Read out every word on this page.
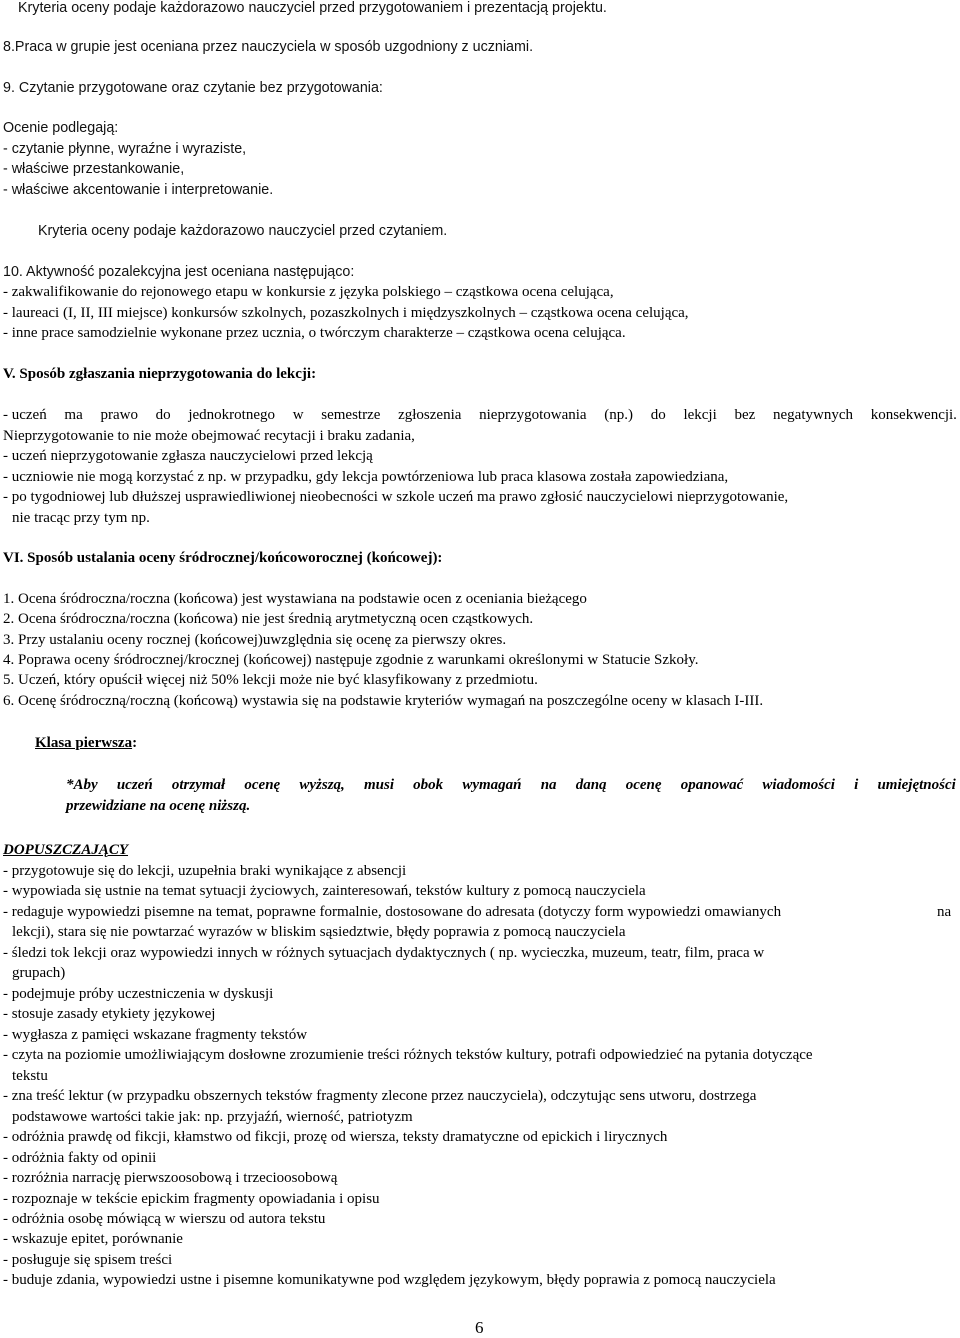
Kryteria oceny podaje każdorazowo nauczyciel przed przygotowaniem i prezentacją projektu.
8.Praca w grupie jest oceniana przez nauczyciela w sposób uzgodniony z uczniami.
9. Czytanie przygotowane oraz czytanie bez przygotowania:
Ocenie podlegają:
- czytanie płynne, wyraźne i wyraziste,
- właściwe przestankowanie,
- właściwe akcentowanie i interpretowanie.
Kryteria oceny podaje każdorazowo nauczyciel przed czytaniem.
10. Aktywność pozalekcyjna jest oceniana następująco:
- zakwalifikowanie do rejonowego etapu w konkursie z języka polskiego – cząstkowa ocena celująca,
- laureaci (I, II, III miejsce) konkursów szkolnych, pozaszkolnych i międzyszkolnych – cząstkowa ocena celująca,
- inne prace samodzielnie wykonane przez ucznia, o twórczym charakterze – cząstkowa ocena celująca.
V. Sposób zgłaszania nieprzygotowania do lekcji:
- uczeń ma prawo do jednokrotnego w semestrze zgłoszenia nieprzygotowania (np.) do lekcji bez negatywnych konsekwencji.
Nieprzygotowanie to nie może obejmować recytacji i braku zadania,
- uczeń nieprzygotowanie zgłasza nauczycielowi przed lekcją
- uczniowie nie mogą korzystać z np. w przypadku, gdy lekcja powtórzeniowa lub praca klasowa została zapowiedziana,
- po tygodniowej lub dłuższej usprawiedliwionej nieobecności w szkole uczeń ma prawo zgłosić nauczycielowi nieprzygotowanie,
nie tracąc przy tym np.
VI. Sposób ustalania oceny śródrocznej/końcoworocznej (końcowej):
1. Ocena śródroczna/roczna (końcowa) jest wystawiana na podstawie ocen z oceniania bieżącego
2. Ocena śródroczna/roczna (końcowa) nie jest średnią arytmetyczną ocen cząstkowych.
3. Przy ustalaniu oceny rocznej (końcowej)uwzględnia się ocenę za pierwszy okres.
4. Poprawa oceny śródrocznej/krocznej (końcowej) następuje zgodnie z warunkami określonymi w Statucie Szkoły.
5. Uczeń, który opuścił więcej niż 50% lekcji może nie być klasyfikowany z przedmiotu.
6. Ocenę śródroczną/roczną (końcową) wystawia się na podstawie kryteriów wymagań na poszczególne oceny w klasach I-III.
Klasa pierwsza:
*Aby uczeń otrzymał ocenę wyższą, musi obok wymagań na daną ocenę opanować wiadomości i umiejętności
przewidziane na ocenę niższą.
DOPUSZCZAJĄCY
- przygotowuje się do lekcji, uzupełnia braki wynikające z absencji
- wypowiada się ustnie na temat sytuacji życiowych, zainteresowań, tekstów kultury z pomocą nauczyciela
- redaguje wypowiedzi pisemne na temat, poprawne formalnie, dostosowane do adresata (dotyczy form wypowiedzi omawianych	na
lekcji), stara się nie powtarzać wyrazów w bliskim sąsiedztwie, błędy poprawia z pomocą nauczyciela
- śledzi tok lekcji oraz wypowiedzi innych w różnych sytuacjach dydaktycznych ( np. wycieczka, muzeum, teatr, film, praca w
grupach)
- podejmuje próby uczestniczenia w dyskusji
- stosuje zasady etykiety językowej
- wygłasza z pamięci wskazane fragmenty tekstów
- czyta na poziomie umożliwiającym dosłowne zrozumienie treści różnych tekstów kultury, potrafi odpowiedzieć na pytania dotyczące
tekstu
- zna treść lektur (w przypadku obszernych tekstów fragmenty zlecone przez nauczyciela), odczytując sens utworu, dostrzega
podstawowe wartości takie jak: np. przyjaźń, wierność, patriotyzm
- odróżnia prawdę od fikcji, kłamstwo od fikcji, prozę od wiersza, teksty dramatyczne od epickich i lirycznych
- odróżnia fakty od opinii
- rozróżnia narrację pierwszoosobową i trzecioosobową
- rozpoznaje w tekście epickim fragmenty opowiadania i opisu
- odróżnia osobę mówiącą w wierszu od autora tekstu
- wskazuje epitet, porównanie
- posługuje się spisem treści
- buduje zdania, wypowiedzi ustne i pisemne komunikatywne pod względem językowym, błędy poprawia z pomocą nauczyciela
6
